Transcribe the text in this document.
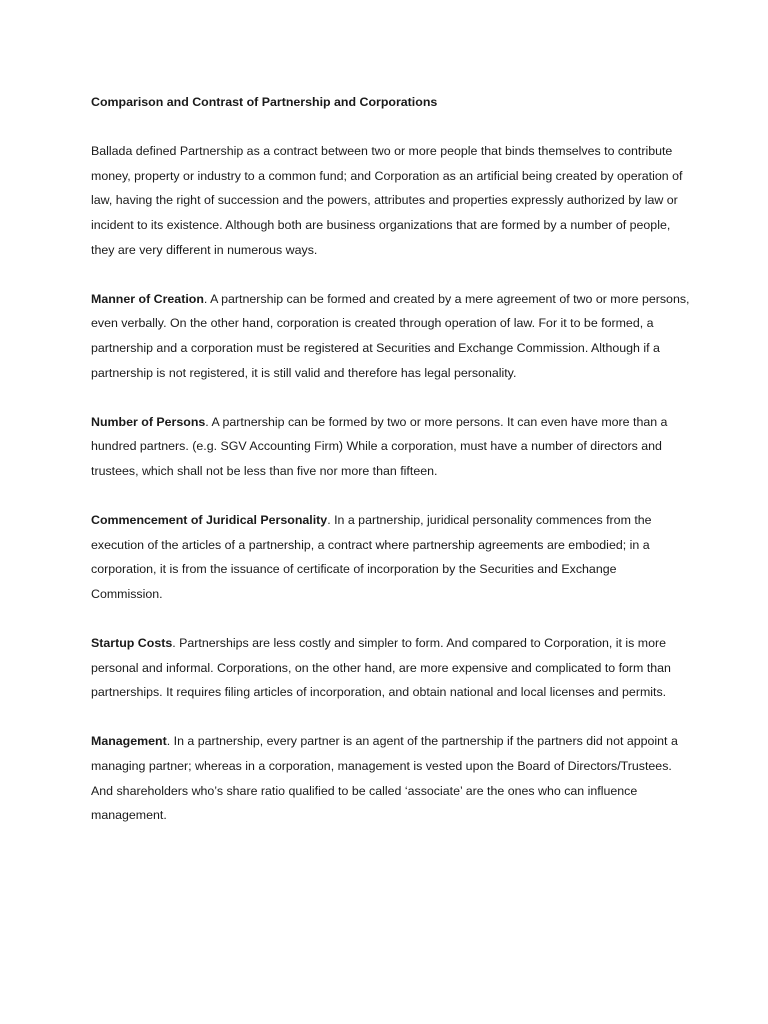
Comparison and Contrast of Partnership and Corporations

Ballada defined Partnership as a contract between two or more people that binds themselves to contribute money, property or industry to a common fund; and Corporation as an artificial being created by operation of law, having the right of succession and the powers, attributes and properties expressly authorized by law or incident to its existence. Although both are business organizations that are formed by a number of people, they are very different in numerous ways.

Manner of Creation. A partnership can be formed and created by a mere agreement of two or more persons, even verbally. On the other hand, corporation is created through operation of law. For it to be formed, a partnership and a corporation must be registered at Securities and Exchange Commission. Although if a partnership is not registered, it is still valid and therefore has legal personality.

Number of Persons. A partnership can be formed by two or more persons. It can even have more than a hundred partners. (e.g. SGV Accounting Firm) While a corporation, must have a number of directors and trustees, which shall not be less than five nor more than fifteen.

Commencement of Juridical Personality. In a partnership, juridical personality commences from the execution of the articles of a partnership, a contract where partnership agreements are embodied; in a corporation, it is from the issuance of certificate of incorporation by the Securities and Exchange Commission.

Startup Costs. Partnerships are less costly and simpler to form. And compared to Corporation, it is more personal and informal. Corporations, on the other hand, are more expensive and complicated to form than partnerships. It requires filing articles of incorporation, and obtain national and local licenses and permits.

Management. In a partnership, every partner is an agent of the partnership if the partners did not appoint a managing partner; whereas in a corporation, management is vested upon the Board of Directors/Trustees. And shareholders who’s share ratio qualified to be called ‘associate’ are the ones who can influence management.
